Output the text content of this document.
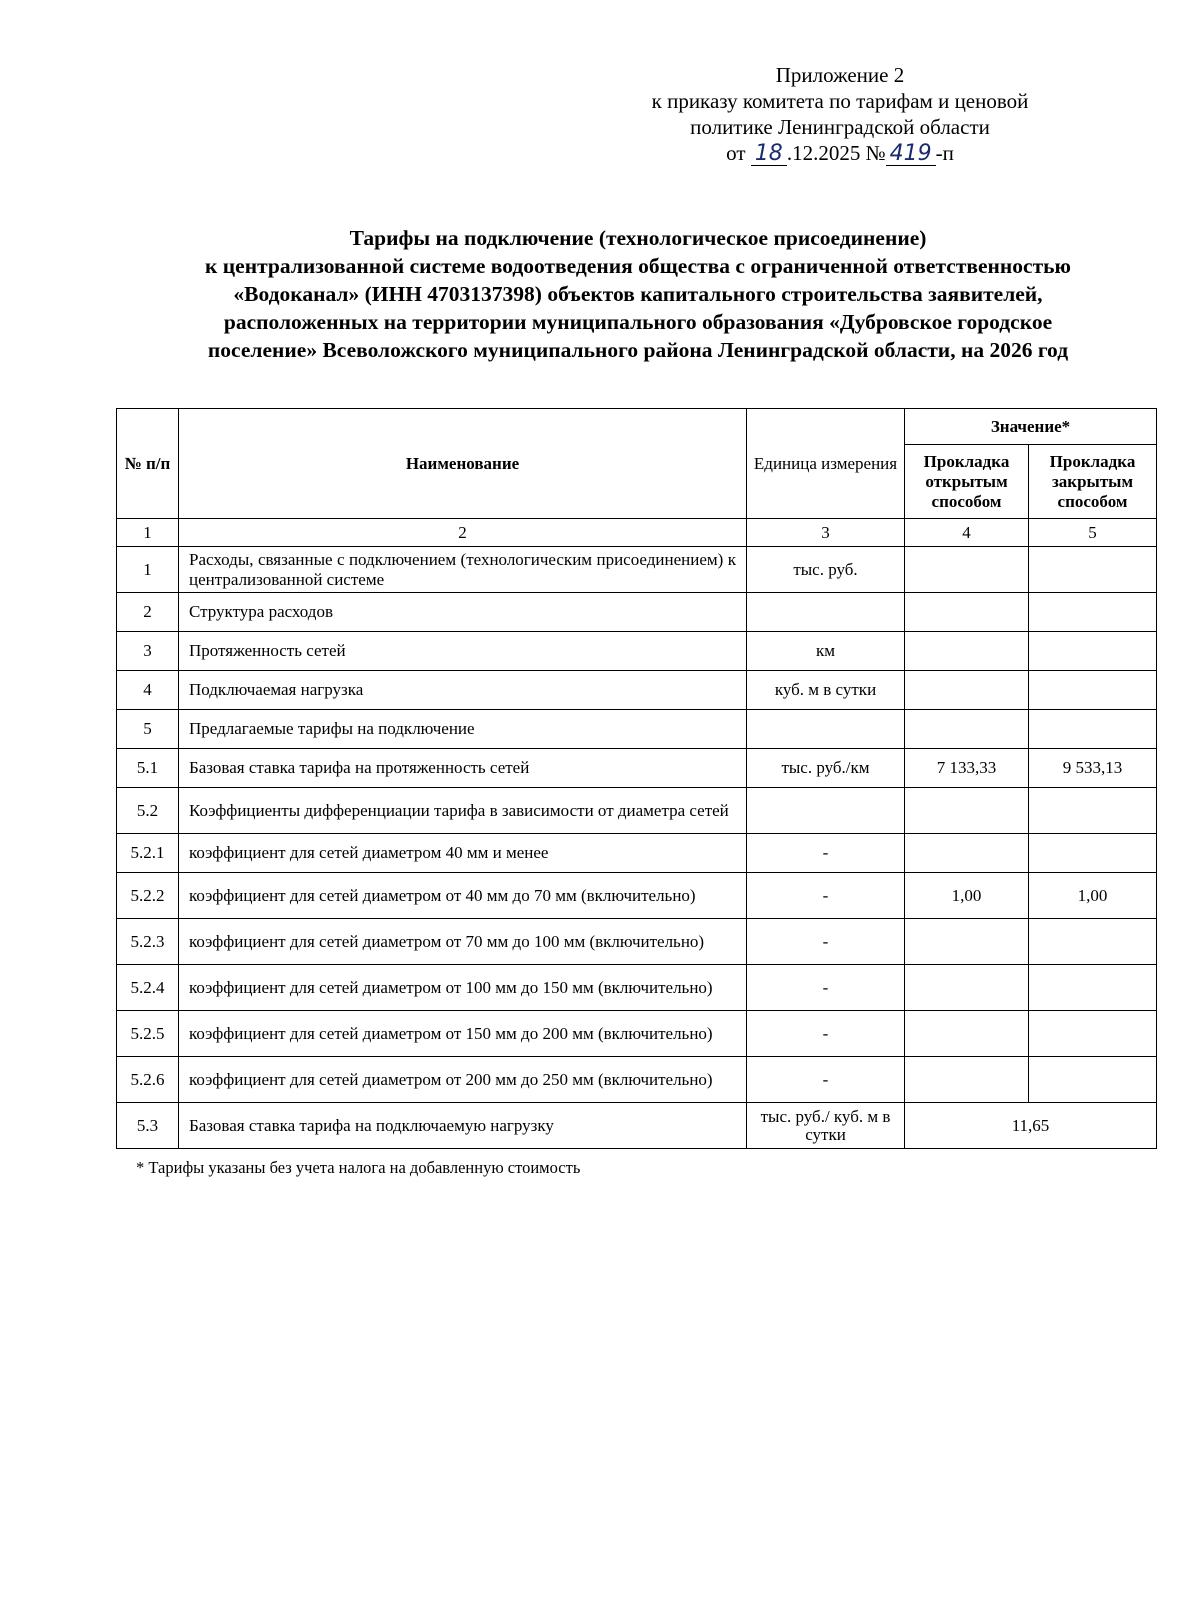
Приложение 2
к приказу комитета по тарифам и ценовой
политике Ленинградской области
от 18 .12.2025 № 419 -п
Тарифы на подключение (технологическое присоединение)
к централизованной системе водоотведения общества с ограниченной ответственностью
«Водоканал» (ИНН 4703137398) объектов капитального строительства заявителей,
расположенных на территории муниципального образования «Дубровское городское
поселение» Всеволожского муниципального района Ленинградской области, на 2026 год
№ п/п	Наименование	Единица измерения	Значение*	
			Прокладка открытым способом	Прокладка закрытым способом
1	2	3	4	5
1	Расходы, связанные с подключением (технологическим присоединением) к централизованной системе	тыс. руб.		
2	Структура расходов			
3	Протяженность сетей	км		
4	Подключаемая нагрузка	куб. м в сутки		
5	Предлагаемые тарифы на подключение			
5.1	Базовая ставка тарифа на протяженность сетей	тыс. руб./км	7 133,33	9 533,13
5.2	Коэффициенты дифференциации тарифа в зависимости от диаметра сетей			
5.2.1	коэффициент для сетей диаметром 40 мм и менее	-		
5.2.2	коэффициент для сетей диаметром от 40 мм до 70 мм (включительно)	-	1,00	1,00
5.2.3	коэффициент для сетей диаметром от 70 мм до 100 мм (включительно)	-		
5.2.4	коэффициент для сетей диаметром от 100 мм до 150 мм (включительно)	-		
5.2.5	коэффициент для сетей диаметром от 150 мм до 200 мм (включительно)	-		
5.2.6	коэффициент для сетей диаметром от 200 мм до 250 мм (включительно)	-		
5.3	Базовая ставка тарифа на подключаемую нагрузку	тыс. руб./ куб. м в сутки	11,65	
* Тарифы указаны без учета налога на добавленную стоимость
